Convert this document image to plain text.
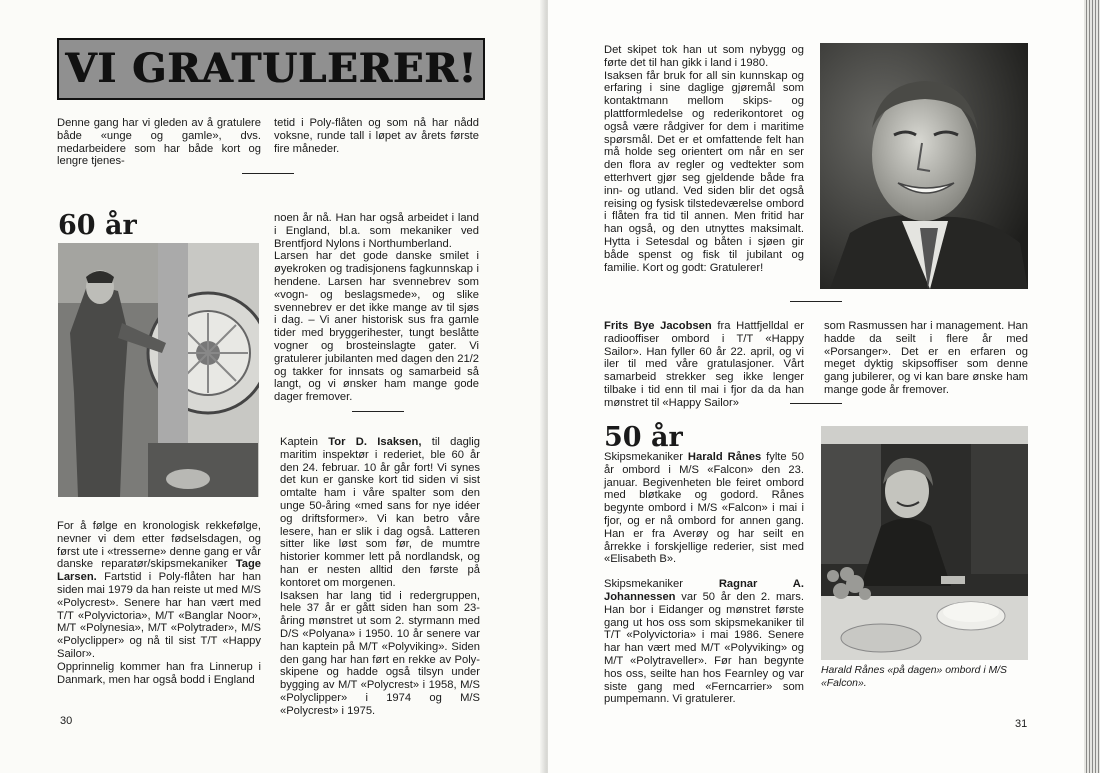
VI GRATULERER!
Denne gang har vi gleden av å gratulere både «unge og gamle», dvs. medarbeidere som har både kort og lengre tjenes-
tetid i Poly-flåten og som nå har nådd voksne, runde tall i løpet av årets første fire måneder.
60 år

For å følge en kronologisk rekkefølge, nevner vi dem etter fødselsdagen, og først ute i «tresserne» denne gang er vår danske reparatør/skipsmekaniker Tage Larsen. Fartstid i Poly-flåten har han siden mai 1979 da han reiste ut med M/S «Polycrest». Senere har han vært med T/T «Polyvictoria», M/T «Banglar Noor», M/T «Polynesia», M/T «Polytrader», M/S «Polyclipper» og nå til sist T/T «Happy Sailor».

Opprinnelig kommer han fra Linnerup i Danmark, men har også bodd i England

noen år nå. Han har også arbeidet i land i England, bl.a. som mekaniker ved Brentfjord Nylons i Northumberland.

Larsen har det gode danske smilet i øyekroken og tradisjonens fagkunnskap i hendene. Larsen har svennebrev som «vogn- og beslagsmede», og slike svennebrev er det ikke mange av til sjøs i dag. – Vi aner historisk sus fra gamle tider med bryggerihester, tungt beslåtte vogner og brosteinslagte gater. Vi gratulerer jubilanten med dagen den 21/2 og takker for innsats og samarbeid så langt, og vi ønsker ham mange gode dager fremover.

Kaptein Tor D. Isaksen, til daglig maritim inspektør i rederiet, ble 60 år den 24. februar. 10 år går fort! Vi synes det kun er ganske kort tid siden vi sist omtalte ham i våre spalter som den unge 50-åring «med sans for nye idéer og driftsformer». Vi kan betro våre lesere, han er slik i dag også. Latteren sitter like løst som før, de mumtre historier kommer lett på nordlandsk, og han er nesten alltid den første på kontoret om morgenen.

Isaksen har lang tid i redergruppen, hele 37 år er gått siden han som 23-åring mønstret ut som 2. styrmann med D/S «Polyana» i 1950. 10 år senere var han kaptein på M/T «Polyviking». Siden den gang har han ført en rekke av Poly-skipene og hadde også tilsyn under bygging av M/T «Polycrest» i 1958, M/S «Polyclipper» i 1974 og M/S «Polycrest» i 1975.

30

Det skipet tok han ut som nybygg og førte det til han gikk i land i 1980.

Isaksen får bruk for all sin kunnskap og erfaring i sine daglige gjøremål som kontaktmann mellom skips- og plattformledelse og rederikontoret og også være rådgiver for dem i maritime spørsmål. Det er et omfattende felt han må holde seg orientert om når en ser den flora av regler og vedtekter som etterhvert gjør seg gjeldende både fra inn- og utland. Ved siden blir det også reising og fysisk tilstedeværelse ombord i flåten fra tid til annen. Men fritid har han også, og den utnyttes maksimalt. Hytta i Setesdal og båten i sjøen gir både spenst og fisk til jubilant og familie. Kort og godt: Gratulerer!

Frits Bye Jacobsen fra Hattfjelldal er radiooffiser ombord i T/T «Happy Sailor». Han fyller 60 år 22. april, og vi iler til med våre gratulasjoner. Vårt samarbeid strekker seg ikke lenger tilbake i tid enn til mai i fjor da da han mønstret til «Happy Sailor»

som Rasmussen har i management. Han hadde da seilt i flere år med «Porsanger». Det er en erfaren og meget dyktig skipsoffiser som denne gang jubilerer, og vi kan bare ønske ham mange gode år fremover.

50 år

Skipsmekaniker Harald Rånes fylte 50 år ombord i M/S «Falcon» den 23. januar. Begivenheten ble feiret ombord med bløtkake og godord. Rånes begynte ombord i M/S «Falcon» i mai i fjor, og er nå ombord for annen gang. Han er fra Averøy og har seilt en årrekke i forskjellige rederier, sist med «Elisabeth B».

Skipsmekaniker Ragnar A. Johannessen var 50 år den 2. mars. Han bor i Eidanger og mønstret første gang ut hos oss som skipsmekaniker til T/T «Polyvictoria» i mai 1986. Senere har han vært med M/T «Polyviking» og M/T «Polytraveller». Før han begynte hos oss, seilte han hos Fearnley og var siste gang med «Ferncarrier» som pumpemann. Vi gratulerer.

Harald Rånes «på dagen» ombord i M/S «Falcon».
31
